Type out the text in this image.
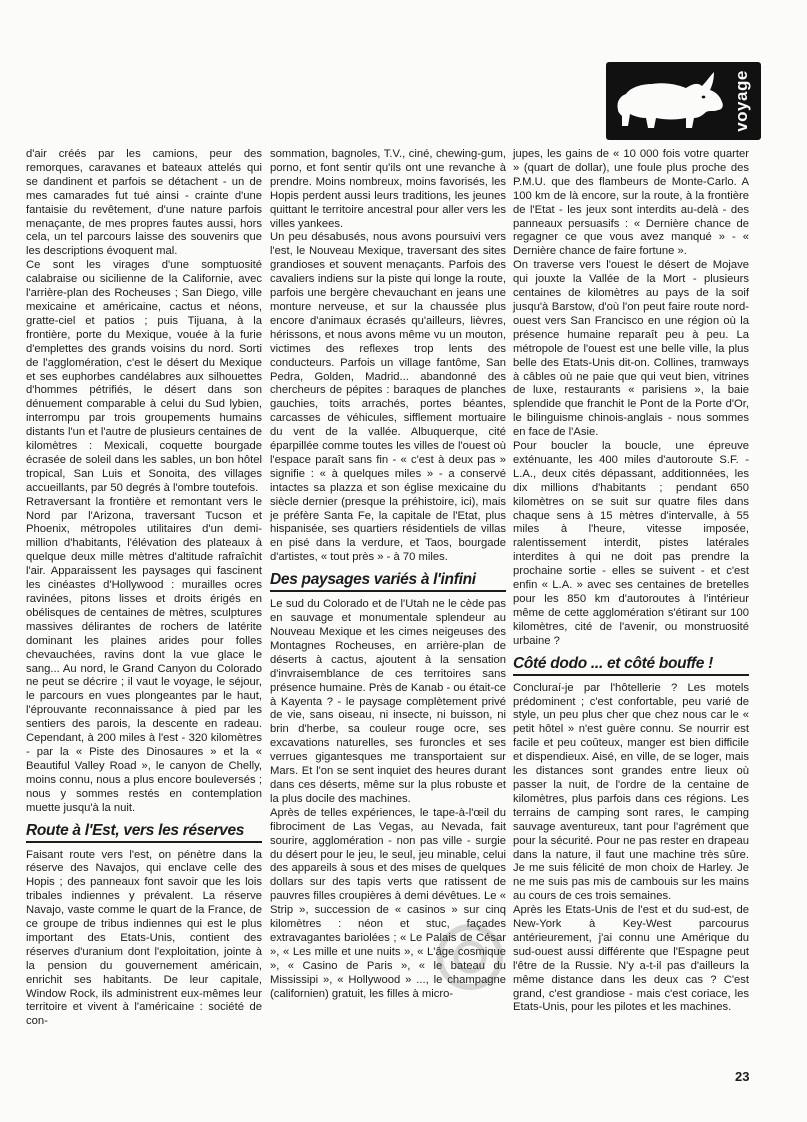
voyage

d'air créés par les camions, peur des remorques, caravanes et bateaux attelés qui se dandinent et parfois se détachent - un de mes camarades fut tué ainsi - crainte d'une fantaisie du revêtement, d'une nature parfois menaçante, de mes propres fautes aussi, hors cela, un tel parcours laisse des souvenirs que les descriptions évoquent mal.

Ce sont les virages d'une somptuosité calabraise ou sicilienne de la Californie, avec l'arrière-plan des Rocheuses ; San Diego, ville mexicaine et américaine, cactus et néons, gratte-ciel et patios ; puis Tijuana, à la frontière, porte du Mexique, vouée à la furie d'emplettes des grands voisins du nord. Sorti de l'agglomération, c'est le désert du Mexique et ses euphorbes candélabres aux silhouettes d'hommes pétrifiés, le désert dans son dénuement comparable à celui du Sud lybien, interrompu par trois groupements humains distants l'un et l'autre de plusieurs centaines de kilomètres : Mexicali, coquette bourgade écrasée de soleil dans les sables, un bon hôtel tropical, San Luis et Sonoita, des villages accueillants, par 50 degrés à l'ombre toutefois.

Retraversant la frontière et remontant vers le Nord par l'Arizona, traversant Tucson et Phoenix, métropoles utilitaires d'un demi-million d'habitants, l'élévation des plateaux à quelque deux mille mètres d'altitude rafraîchit l'air. Apparaissent les paysages qui fascinent les cinéastes d'Hollywood : murailles ocres ravinées, pitons lisses et droits érigés en obélisques de centaines de mètres, sculptures massives délirantes de rochers de latérite dominant les plaines arides pour folles chevauchées, ravins dont la vue glace le sang... Au nord, le Grand Canyon du Colorado ne peut se décrire ; il vaut le voyage, le séjour, le parcours en vues plongeantes par le haut, l'éprouvante reconnaissance à pied par les sentiers des parois, la descente en radeau. Cependant, à 200 miles à l'est - 320 kilomètres - par la « Piste des Dinosaures » et la « Beautiful Valley Road », le canyon de Chelly, moins connu, nous a plus encore bouleversés ; nous y sommes restés en contemplation muette jusqu'à la nuit.

Route à l'Est, vers les réserves

Faisant route vers l'est, on pénètre dans la réserve des Navajos, qui enclave celle des Hopis ; des panneaux font savoir que les lois tribales indiennes y prévalent. La réserve Navajo, vaste comme le quart de la France, de ce groupe de tribus indiennes qui est le plus important des Etats-Unis, contient des réserves d'uranium dont l'exploitation, jointe à la pension du gouvernement américain, enrichit ses habitants. De leur capitale, Window Rock, ils administrent eux-mêmes leur territoire et vivent à l'américaine : société de con-

sommation, bagnoles, T.V., ciné, chewing-gum, porno, et font sentir qu'ils ont une revanche à prendre. Moins nombreux, moins favorisés, les Hopis perdent aussi leurs traditions, les jeunes quittant le territoire ancestral pour aller vers les villes yankees.

Un peu désabusés, nous avons poursuivi vers l'est, le Nouveau Mexique, traversant des sites grandioses et souvent menaçants. Parfois des cavaliers indiens sur la piste qui longe la route, parfois une bergère chevauchant en jeans une monture nerveuse, et sur la chaussée plus encore d'animaux écrasés qu'ailleurs, lièvres, hérissons, et nous avons même vu un mouton, victimes des reflexes trop lents des conducteurs. Parfois un village fantôme, San Pedra, Golden, Madrid... abandonné des chercheurs de pépites : baraques de planches gauchies, toits arrachés, portes béantes, carcasses de véhicules, sifflement mortuaire du vent de la vallée. Albuquerque, cité éparpillée comme toutes les villes de l'ouest où l'espace paraît sans fin - « c'est à deux pas » signifie : « à quelques miles » - a conservé intactes sa plazza et son église mexicaine du siècle dernier (presque la préhistoire, ici), mais je préfère Santa Fe, la capitale de l'Etat, plus hispanisée, ses quartiers résidentiels de villas en pisé dans la verdure, et Taos, bourgade d'artistes, « tout près » - à 70 miles.

Des paysages variés à l'infini

Le sud du Colorado et de l'Utah ne le cède pas en sauvage et monumentale splendeur au Nouveau Mexique et les cimes neigeuses des Montagnes Rocheuses, en arrière-plan de déserts à cactus, ajoutent à la sensation d'invraisemblance de ces territoires sans présence humaine. Près de Kanab - ou était-ce à Kayenta ? - le paysage complètement privé de vie, sans oiseau, ni insecte, ni buisson, ni brin d'herbe, sa couleur rouge ocre, ses excavations naturelles, ses furoncles et ses verrues gigantesques me transportaient sur Mars. Et l'on se sent inquiet des heures durant dans ces déserts, même sur la plus robuste et la plus docile des machines.

Après de telles expériences, le tape-à-l'œil du fibrociment de Las Vegas, au Nevada, fait sourire, agglomération - non pas ville - surgie du désert pour le jeu, le seul, jeu minable, celui des appareils à sous et des mises de quelques dollars sur des tapis verts que ratissent de pauvres filles croupières à demi dévêtues. Le « Strip », succession de « casinos » sur cinq kilomètres : néon et stuc, façades extravagantes bariolées ; « Le Palais de César », « Les mille et une nuits », « L'âge cosmique », « Casino de Paris », « le bateau du Mississipi », « Hollywood » ..., le champagne (californien) gratuit, les filles à micro-

jupes, les gains de « 10 000 fois votre quarter » (quart de dollar), une foule plus proche des P.M.U. que des flambeurs de Monte-Carlo. A 100 km de là encore, sur la route, à la frontière de l'Etat - les jeux sont interdits au-delà - des panneaux persuasifs : « Dernière chance de regagner ce que vous avez manqué » - « Dernière chance de faire fortune ».

On traverse vers l'ouest le désert de Mojave qui jouxte la Vallée de la Mort - plusieurs centaines de kilomètres au pays de la soif jusqu'à Barstow, d'où l'on peut faire route nord-ouest vers San Francisco en une région où la présence humaine reparaît peu à peu. La métropole de l'ouest est une belle ville, la plus belle des Etats-Unis dit-on. Collines, tramways à câbles où ne paie que qui veut bien, vitrines de luxe, restaurants « parisiens », la baie splendide que franchit le Pont de la Porte d'Or, le bilinguisme chinois-anglais - nous sommes en face de l'Asie.

Pour boucler la boucle, une épreuve exténuante, les 400 miles d'autoroute S.F. - L.A., deux cités dépassant, additionnées, les dix millions d'habitants ; pendant 650 kilomètres on se suit sur quatre files dans chaque sens à 15 mètres d'intervalle, à 55 miles à l'heure, vitesse imposée, ralentissement interdit, pistes latérales interdites à qui ne doit pas prendre la prochaine sortie - elles se suivent - et c'est enfin « L.A. » avec ses centaines de bretelles pour les 850 km d'autoroutes à l'intérieur même de cette agglomération s'étirant sur 100 kilomètres, cité de l'avenir, ou monstruosité urbaine ?

Côté dodo ... et côté bouffe !

Concluraí-je par l'hôtellerie ? Les motels prédominent ; c'est confortable, peu varié de style, un peu plus cher que chez nous car le « petit hôtel » n'est guère connu. Se nourrir est facile et peu coûteux, manger est bien difficile et dispendieux. Aisé, en ville, de se loger, mais les distances sont grandes entre lieux où passer la nuit, de l'ordre de la centaine de kilomètres, plus parfois dans ces régions. Les terrains de camping sont rares, le camping sauvage aventureux, tant pour l'agrément que pour la sécurité. Pour ne pas rester en drapeau dans la nature, il faut une machine très sûre. Je me suis félicité de mon choix de Harley. Je ne me suis pas mis de cambouis sur les mains au cours de ces trois semaines.

Après les Etats-Unis de l'est et du sud-est, de New-York à Key-West parcourus antérieurement, j'ai connu une Amérique du sud-ouest aussi différente que l'Espagne peut l'être de la Russie. N'y a-t-il pas d'ailleurs la même distance dans les deux cas ? C'est grand, c'est grandiose - mais c'est coriace, les Etats-Unis, pour les pilotes et les machines.

23
